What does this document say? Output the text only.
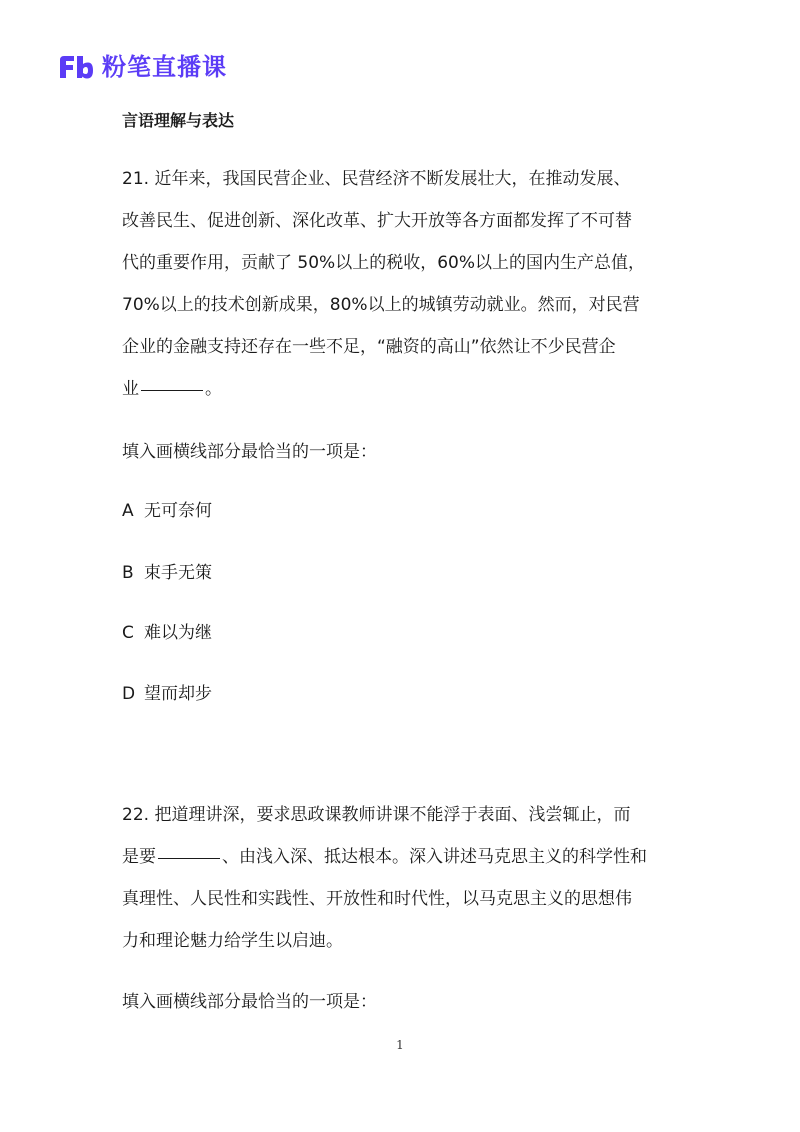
粉笔直播课
言语理解与表达
21. 近年来，我国民营企业、民营经济不断发展壮大，在推动发展、
改善民生、促进创新、深化改革、扩大开放等各方面都发挥了不可替
代的重要作用，贡献了 50%以上的税收，60%以上的国内生产总值，
70%以上的技术创新成果，80%以上的城镇劳动就业。然而，对民营
企业的金融支持还存在一些不足，“融资的高山”依然让不少民营企
业	。
填入画横线部分最恰当的一项是：
A 无可奈何
B 束手无策
C 难以为继
D 望而却步
22. 把道理讲深，要求思政课教师讲课不能浮于表面、浅尝辄止，而
是要	、由浅入深、抵达根本。深入讲述马克思主义的科学性和
真理性、人民性和实践性、开放性和时代性，以马克思主义的思想伟
力和理论魅力给学生以启迪。
填入画横线部分最恰当的一项是：
1
